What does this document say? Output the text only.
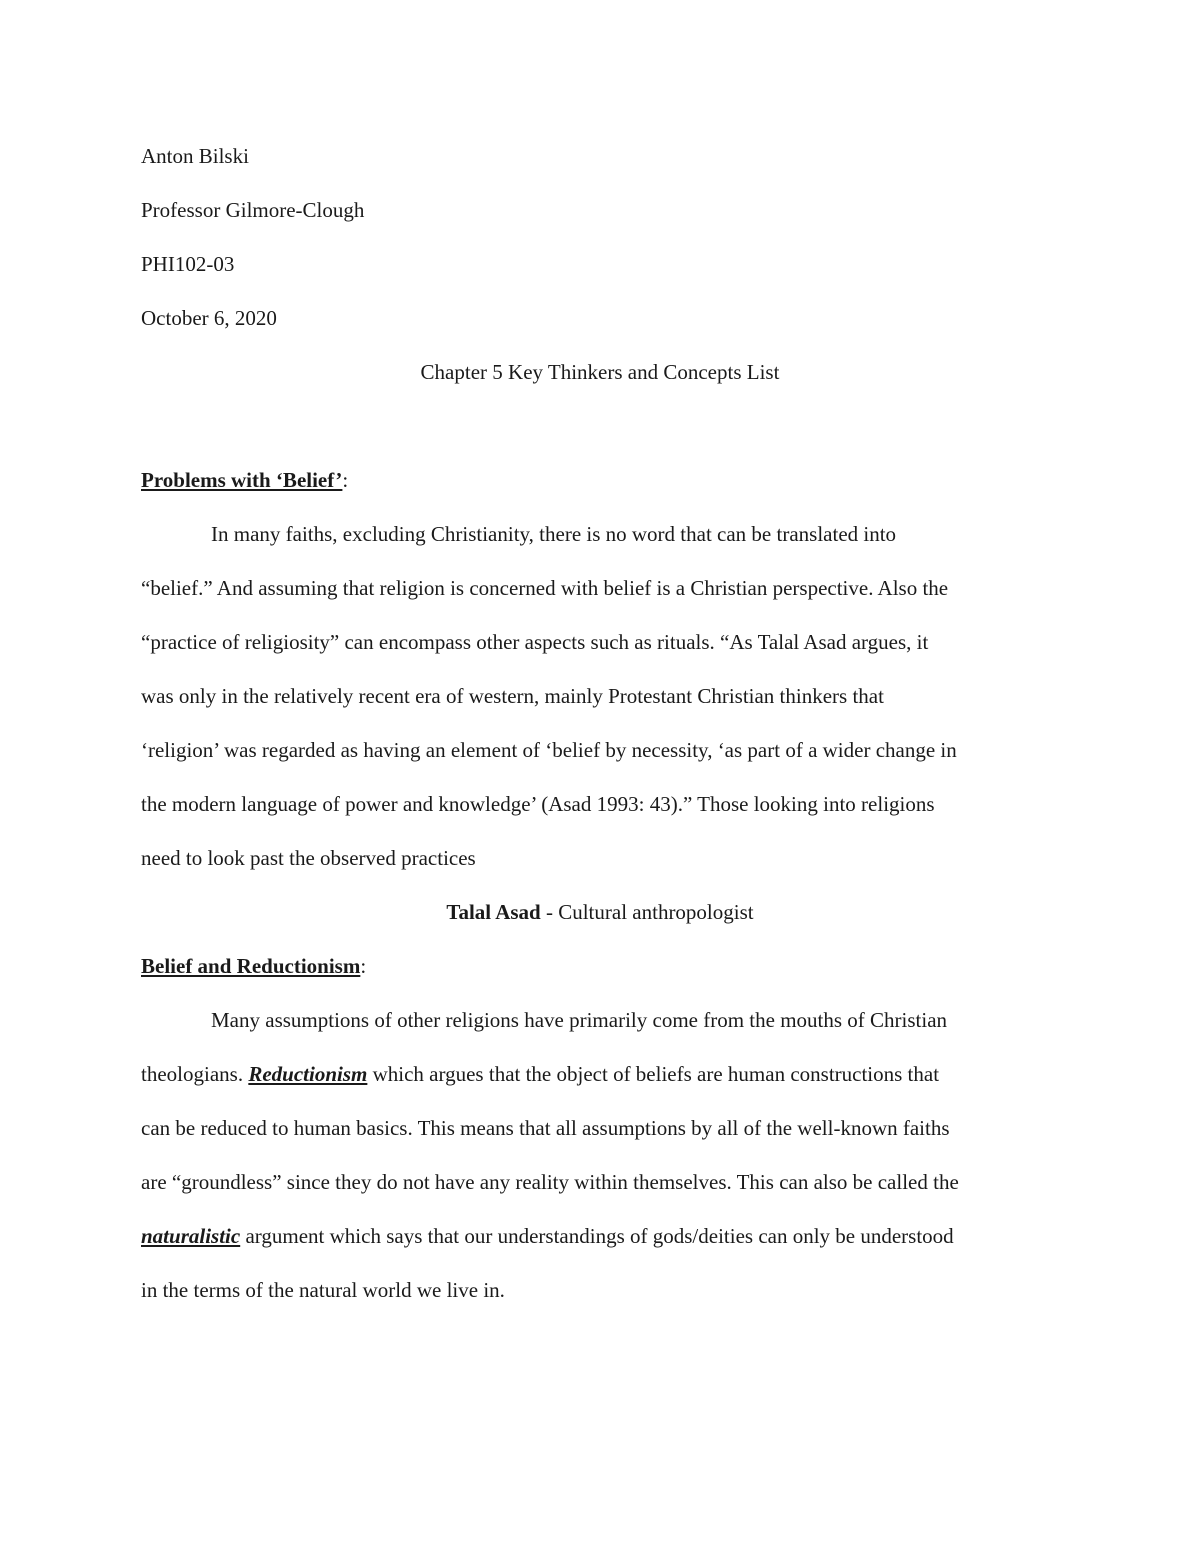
Anton Bilski
Professor Gilmore-Clough
PHI102-03
October 6, 2020
Chapter 5 Key Thinkers and Concepts List
Problems with ‘Belief’:
In many faiths, excluding Christianity, there is no word that can be translated into
“belief.” And assuming that religion is concerned with belief is a Christian perspective. Also the
“practice of religiosity” can encompass other aspects such as rituals. “As Talal Asad argues, it
was only in the relatively recent era of western, mainly Protestant Christian thinkers that
‘religion’ was regarded as having an element of ‘belief by necessity, ‘as part of a wider change in
the modern language of power and knowledge’ (Asad 1993: 43).” Those looking into religions
need to look past the observed practices
Talal Asad - Cultural anthropologist
Belief and Reductionism:
Many assumptions of other religions have primarily come from the mouths of Christian
theologians. Reductionism which argues that the object of beliefs are human constructions that
can be reduced to human basics. This means that all assumptions by all of the well-known faiths
are “groundless” since they do not have any reality within themselves. This can also be called the
naturalistic argument which says that our understandings of gods/deities can only be understood
in the terms of the natural world we live in.
